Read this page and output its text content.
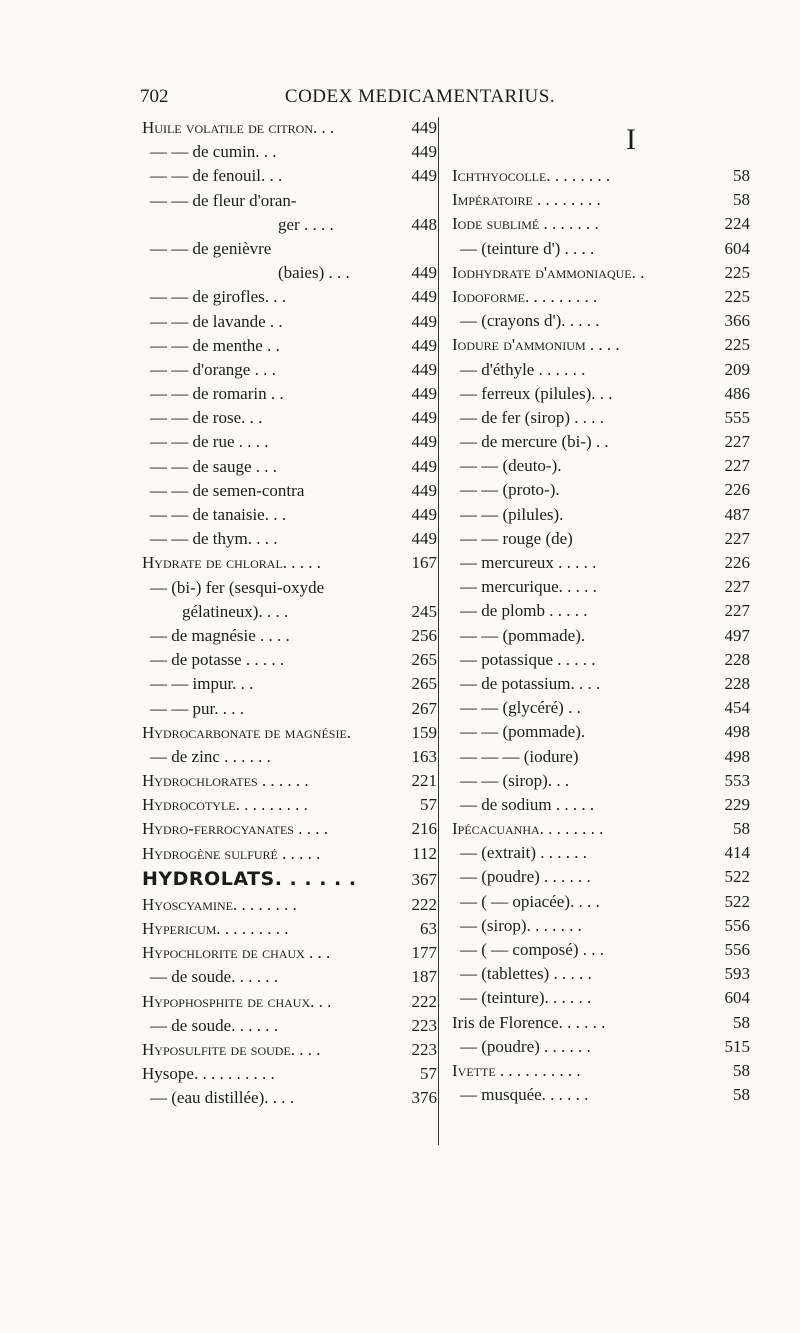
702	CODEX MEDICAMENTARIUS.
Huile volatile de citron. . .	449
— — de cumin. . .	449
— — de fenouil. . .	449
— — de fleur d'oran-
ger . . . .	448
— — de genièvre
(baies) . . .	449
— — de girofles. . .	449
— — de lavande . .	449
— — de menthe . .	449
— — d'orange . . .	449
— — de romarin . .	449
— — de rose. . .	449
— — de rue . . . .	449
— — de sauge . . .	449
— — de semen-contra	449
— — de tanaisie. . .	449
— — de thym. . . .	449
Hydrate de chloral. . . . .	167
— (bi-) fer (sesqui-oxyde
gélatineux). . . .	245
— de magnésie . . . .	256
— de potasse . . . . .	265
— — impur. . .	265
— — pur. . . .	267
Hydrocarbonate de magnésie.	159
— de zinc . . . . . .	163
Hydrochlorates . . . . . .	221
Hydrocotyle. . . . . . . . .	57
Hydro-ferrocyanates . . . .	216
Hydrogène sulfuré . . . . .	112
HYDROLATS. . . . . .	367
Hyoscyamine. . . . . . . .	222
Hypericum. . . . . . . . .	63
Hypochlorite de chaux . . .	177
— de soude. . . . . .	187
Hypophosphite de chaux. . .	222
— de soude. . . . . .	223
Hyposulfite de soude. . . .	223
Hysope. . . . . . . . . .	57
— (eau distillée). . . .	376
I
Ichthyocolle. . . . . . . .	58
Impératoire . . . . . . . .	58
Iode sublimé . . . . . . .	224
— (teinture d') . . . .	604
Iodhydrate d'ammoniaque. .	225
Iodoforme. . . . . . . . .	225
— (crayons d'). . . . .	366
Iodure d'ammonium . . . .	225
— d'éthyle . . . . . .	209
— ferreux (pilules). . .	486
— de fer (sirop) . . . .	555
— de mercure (bi-) . .	227
— — (deuto-).	227
— — (proto-).	226
— — (pilules).	487
— — rouge (de)	227
— mercureux . . . . .	226
— mercurique. . . . .	227
— de plomb . . . . .	227
— — (pommade).	497
— potassique . . . . .	228
— de potassium. . . .	228
— — (glycéré) . .	454
— — (pommade).	498
— — — (iodure)	498
— — (sirop). . .	553
— de sodium . . . . .	229
Ipécacuanha. . . . . . . .	58
— (extrait) . . . . . .	414
— (poudre) . . . . . .	522
— ( — opiacée). . . .	522
— (sirop). . . . . . .	556
— ( — composé) . . .	556
— (tablettes) . . . . .	593
— (teinture). . . . . .	604
Iris de Florence. . . . . .	58
— (poudre) . . . . . .	515
Ivette . . . . . . . . . .	58
— musquée. . . . . .	58
